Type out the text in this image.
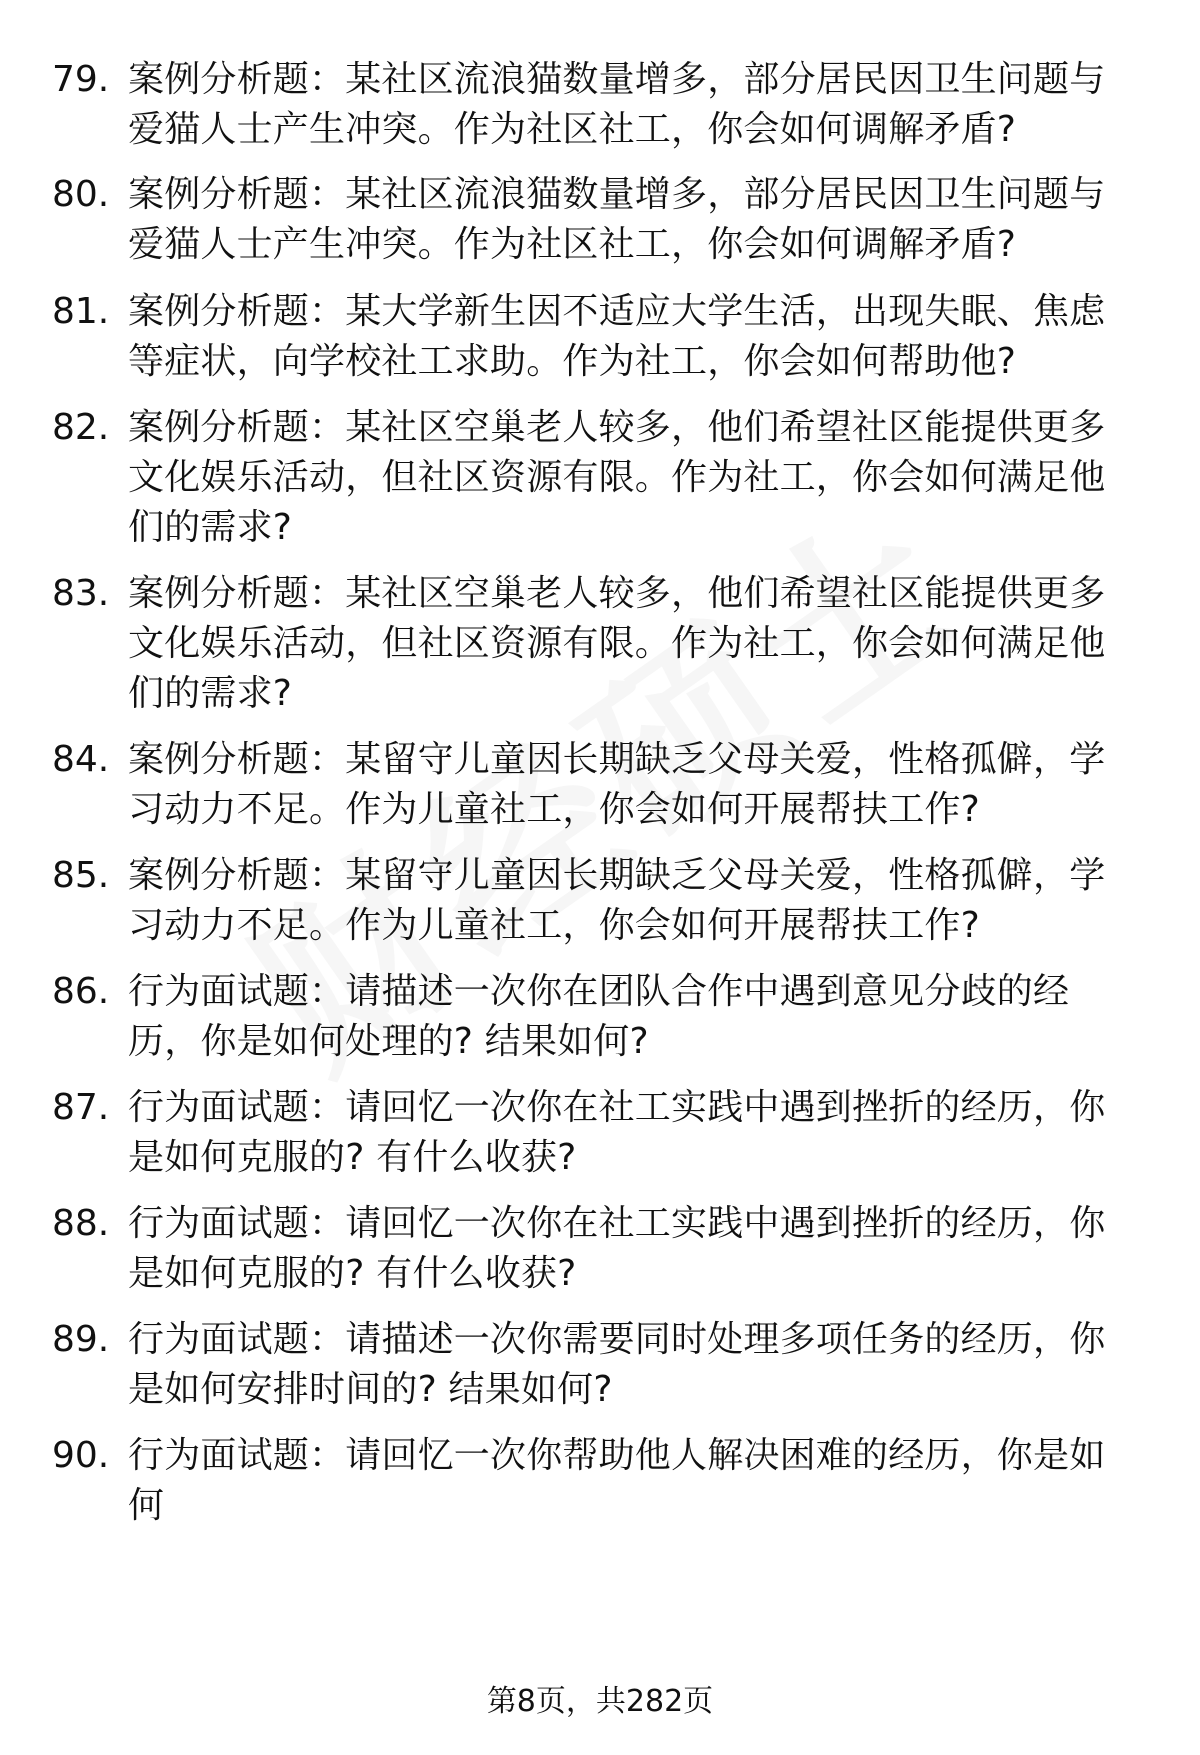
79. 案例分析题：某社区流浪猫数量增多，部分居民因卫生问题与爱猫人士产生冲突。作为社区社工，你会如何调解矛盾?
80. 案例分析题：某社区流浪猫数量增多，部分居民因卫生问题与爱猫人士产生冲突。作为社区社工，你会如何调解矛盾?
81. 案例分析题：某大学新生因不适应大学生活，出现失眠、焦虑等症状，向学校社工求助。作为社工，你会如何帮助他?
82. 案例分析题：某社区空巢老人较多，他们希望社区能提供更多文化娱乐活动，但社区资源有限。作为社工，你会如何满足他们的需求?
83. 案例分析题：某社区空巢老人较多，他们希望社区能提供更多文化娱乐活动，但社区资源有限。作为社工，你会如何满足他们的需求?
84. 案例分析题：某留守儿童因长期缺乏父母关爱，性格孤僻，学习动力不足。作为儿童社工，你会如何开展帮扶工作?
85. 案例分析题：某留守儿童因长期缺乏父母关爱，性格孤僻，学习动力不足。作为儿童社工，你会如何开展帮扶工作?
86. 行为面试题：请描述一次你在团队合作中遇到意见分歧的经历，你是如何处理的? 结果如何?
87. 行为面试题：请回忆一次你在社工实践中遇到挫折的经历，你是如何克服的? 有什么收获?
88. 行为面试题：请回忆一次你在社工实践中遇到挫折的经历，你是如何克服的? 有什么收获?
89. 行为面试题：请描述一次你需要同时处理多项任务的经历，你是如何安排时间的? 结果如何?
90. 行为面试题：请回忆一次你帮助他人解决困难的经历，你是如何
第8页，共282页
